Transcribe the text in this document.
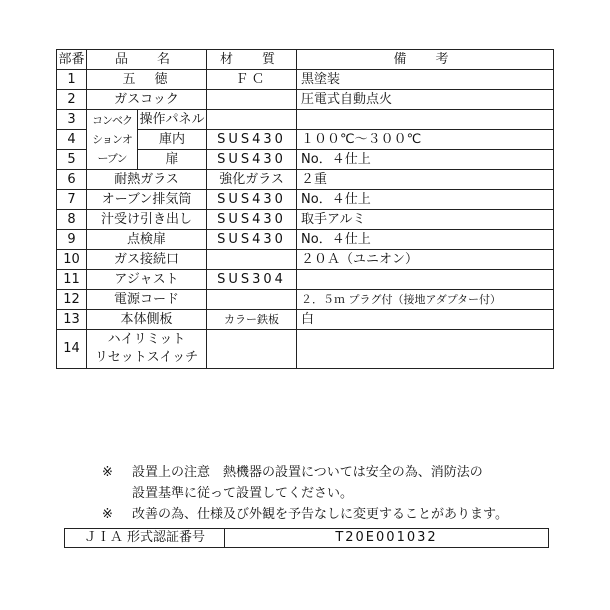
部番	品　名		材　質	備　考
1	五　徳		ＦＣ	黒塗装
2	ガスコック			圧電式自動点火
3	コンベクションオーブン	操作パネル		
4		庫内	SUS430	１００℃～３００℃
5		扉	SUS430	No．４仕上
6	耐熱ガラス		強化ガラス	２重
7	オーブン排気筒		SUS430	No．４仕上
8	汁受け引き出し		SUS430	取手アルミ
9	点検扉		SUS430	No．４仕上
10	ガス接続口			２０Ａ（ユニオン）
11	アジャスト		SUS304	
12	電源コード			２．５ｍ プラグ付（接地アダプター付）
13	本体側板		カラー鉄板	白
14	ハイリミット
リセットスイッチ			

※	設置上の注意　熱機器の設置については安全の為、消防法の
設置基準に従って設置してください。
※	改善の為、仕様及び外観を予告なしに変更することがあります。
ＪＩＡ 形式認証番号	T20E001032
